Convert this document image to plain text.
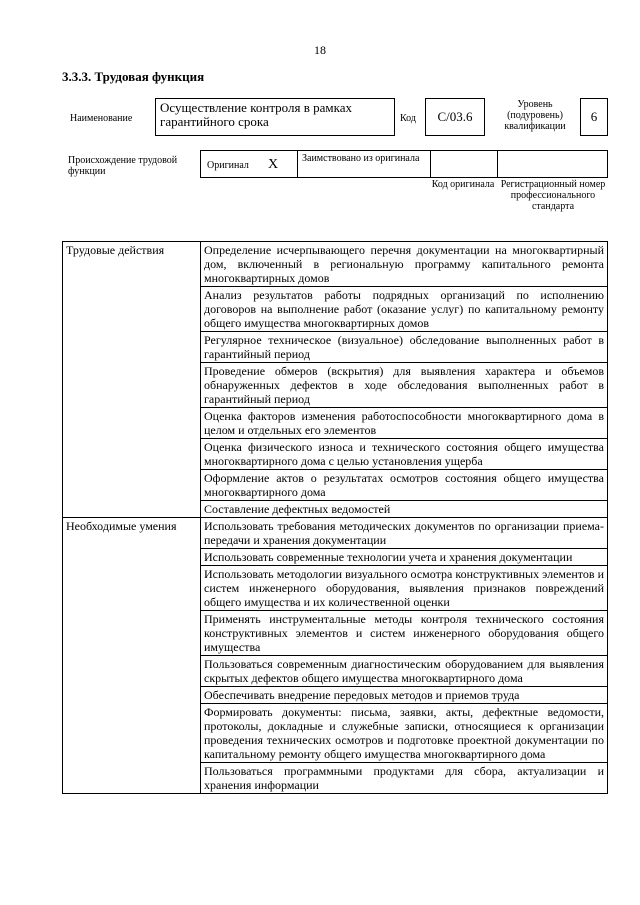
18
3.3.3. Трудовая функция
Наименование
Осуществление контроля в рамках гарантийного срока	Код	С/03.6
Уровень (подуровень) квалификации
6
Происхождение трудовой функции
Оригинал X Заимствовано из оригинала
Код оригинала Регистрационный номер профессионального стандарта
Трудовые действия	Определение исчерпывающего перечня документации на многоквартирный дом, включенный в региональную программу капитального ремонта многоквартирных домов
	Анализ результатов работы подрядных организаций по исполнению договоров на выполнение работ (оказание услуг) по капитальному ремонту общего имущества многоквартирных домов
	Регулярное техническое (визуальное) обследование выполненных работ в гарантийный период
	Проведение обмеров (вскрытия) для выявления характера и объемов обнаруженных дефектов в ходе обследования выполненных работ в гарантийный период
	Оценка факторов изменения работоспособности многоквартирного дома в целом и отдельных его элементов
	Оценка физического износа и технического состояния общего имущества многоквартирного дома с целью установления ущерба
	Оформление актов о результатах осмотров состояния общего имущества многоквартирного дома
	Составление дефектных ведомостей
Необходимые умения	Использовать требования методических документов по организации приема-передачи и хранения документации
	Использовать современные технологии учета и хранения документации
	Использовать методологии визуального осмотра конструктивных элементов и систем инженерного оборудования, выявления признаков повреждений общего имущества и их количественной оценки
	Применять инструментальные методы контроля технического состояния конструктивных элементов и систем инженерного оборудования общего имущества
	Пользоваться современным диагностическим оборудованием для выявления скрытых дефектов общего имущества многоквартирного дома
	Обеспечивать внедрение передовых методов и приемов труда
	Формировать документы: письма, заявки, акты, дефектные ведомости, протоколы, докладные и служебные записки, относящиеся к организации проведения технических осмотров и подготовке проектной документации по капитальному ремонту общего имущества многоквартирного дома
	Пользоваться программными продуктами для сбора, актуализации и хранения информации
